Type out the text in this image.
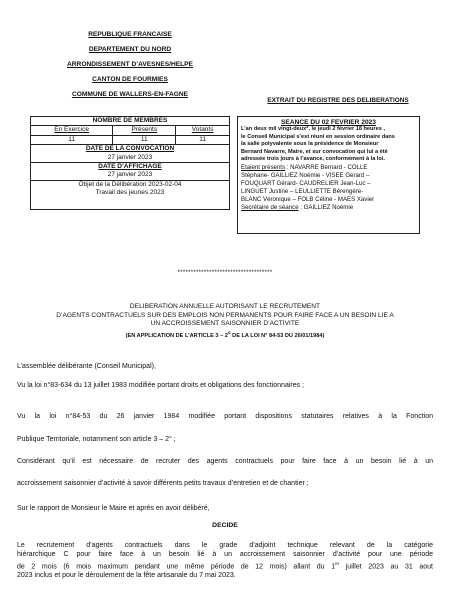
REPUBLIQUE FRANCAISE
DEPARTEMENT DU NORD
ARRONDISSEMENT D’AVESNES/HELPE
CANTON DE FOURMIES
COMMUNE DE WALLERS-EN-FAGNE
EXTRAIT DU REGISTRE DES DELIBERATIONS
NOMBRE DE MEMBRES		
En Exercice	Présents	Votants
11	11	11
DATE DE LA CONVOCATION
27 janvier 2023
DATE D’AFFICHAGE
27 janvier 2023
Objet de la Délibération 2023-02-04
Travail des jeunes 2023
SEANCE DU 02 FEVRIER 2023
L’an deux mil vingt-deux*, le jeudi 2 février 18 heures ,
le Conseil Municipal s’est réuni en session ordinaire dans
la salle polyvalente sous la présidence de Monsieur
Bernard Navarre, Maire, et sur convocation qui lui a été
adressée trois jours à l’avance, conformément à la loi.
Etaient présents : NAVARRE Bernard - COLLE
Stéphane- GAILLIEZ Noémie - VISEE Gérard –
FOUQUART Gérard- CAUDRELIER Jean-Luc –
LINGUET Justine – LEULLIETTE Bérengère-
BLANC Véronique – FOLB Céline - MAES Xavier
Secrétaire de séance : GAILLIEZ Noémie
************************************
DELIBERATION ANNUELLE AUTORISANT LE RECRUTEMENT
D’AGENTS CONTRACTUELS SUR DES EMPLOIS NON PERMANENTS POUR FAIRE FACE A UN BESOIN LIE A
UN ACCROISSEMENT SAISONNIER D’ACTIVITE
(EN APPLICATION DE L’ARTICLE 3 – 2$^o$ DE LA LOI N° 84-53 DU 26/01/1984)
L’assemblée délibérante (Conseil Municipal),
Vu la loi n°83-634 du 13 juillet 1983 modifiée portant droits et obligations des fonctionnaires ;
Vu la loi n°84-53 du 26 janvier 1984 modifiée portant dispositions statutaires relatives à la Fonction
Publique Territoriale, notamment son article 3 – 2° ;
Considérant qu’il est nécessaire de recruter des agents contractuels pour faire face à un besoin lié à un
accroissement saisonnier d’activité à savoir différents petits travaux d’entretien et de chantier ;
Sur le rapport de Monsieur le Maire et après en avoir délibéré,
DECIDE
Le recrutement d’agents contractuels dans le grade d’adjoint technique relevant de la catégorie
hiérarchique C pour faire face à un besoin lié à un accroissement saisonnier d’activité pour une période
de 2 mois (6 mois maximum pendant une même période de 12 mois) allant du 1er juillet 2023 au 31 aout
2023 inclus et pour le déroulement de la fête artisanale du 7 mai 2023.
